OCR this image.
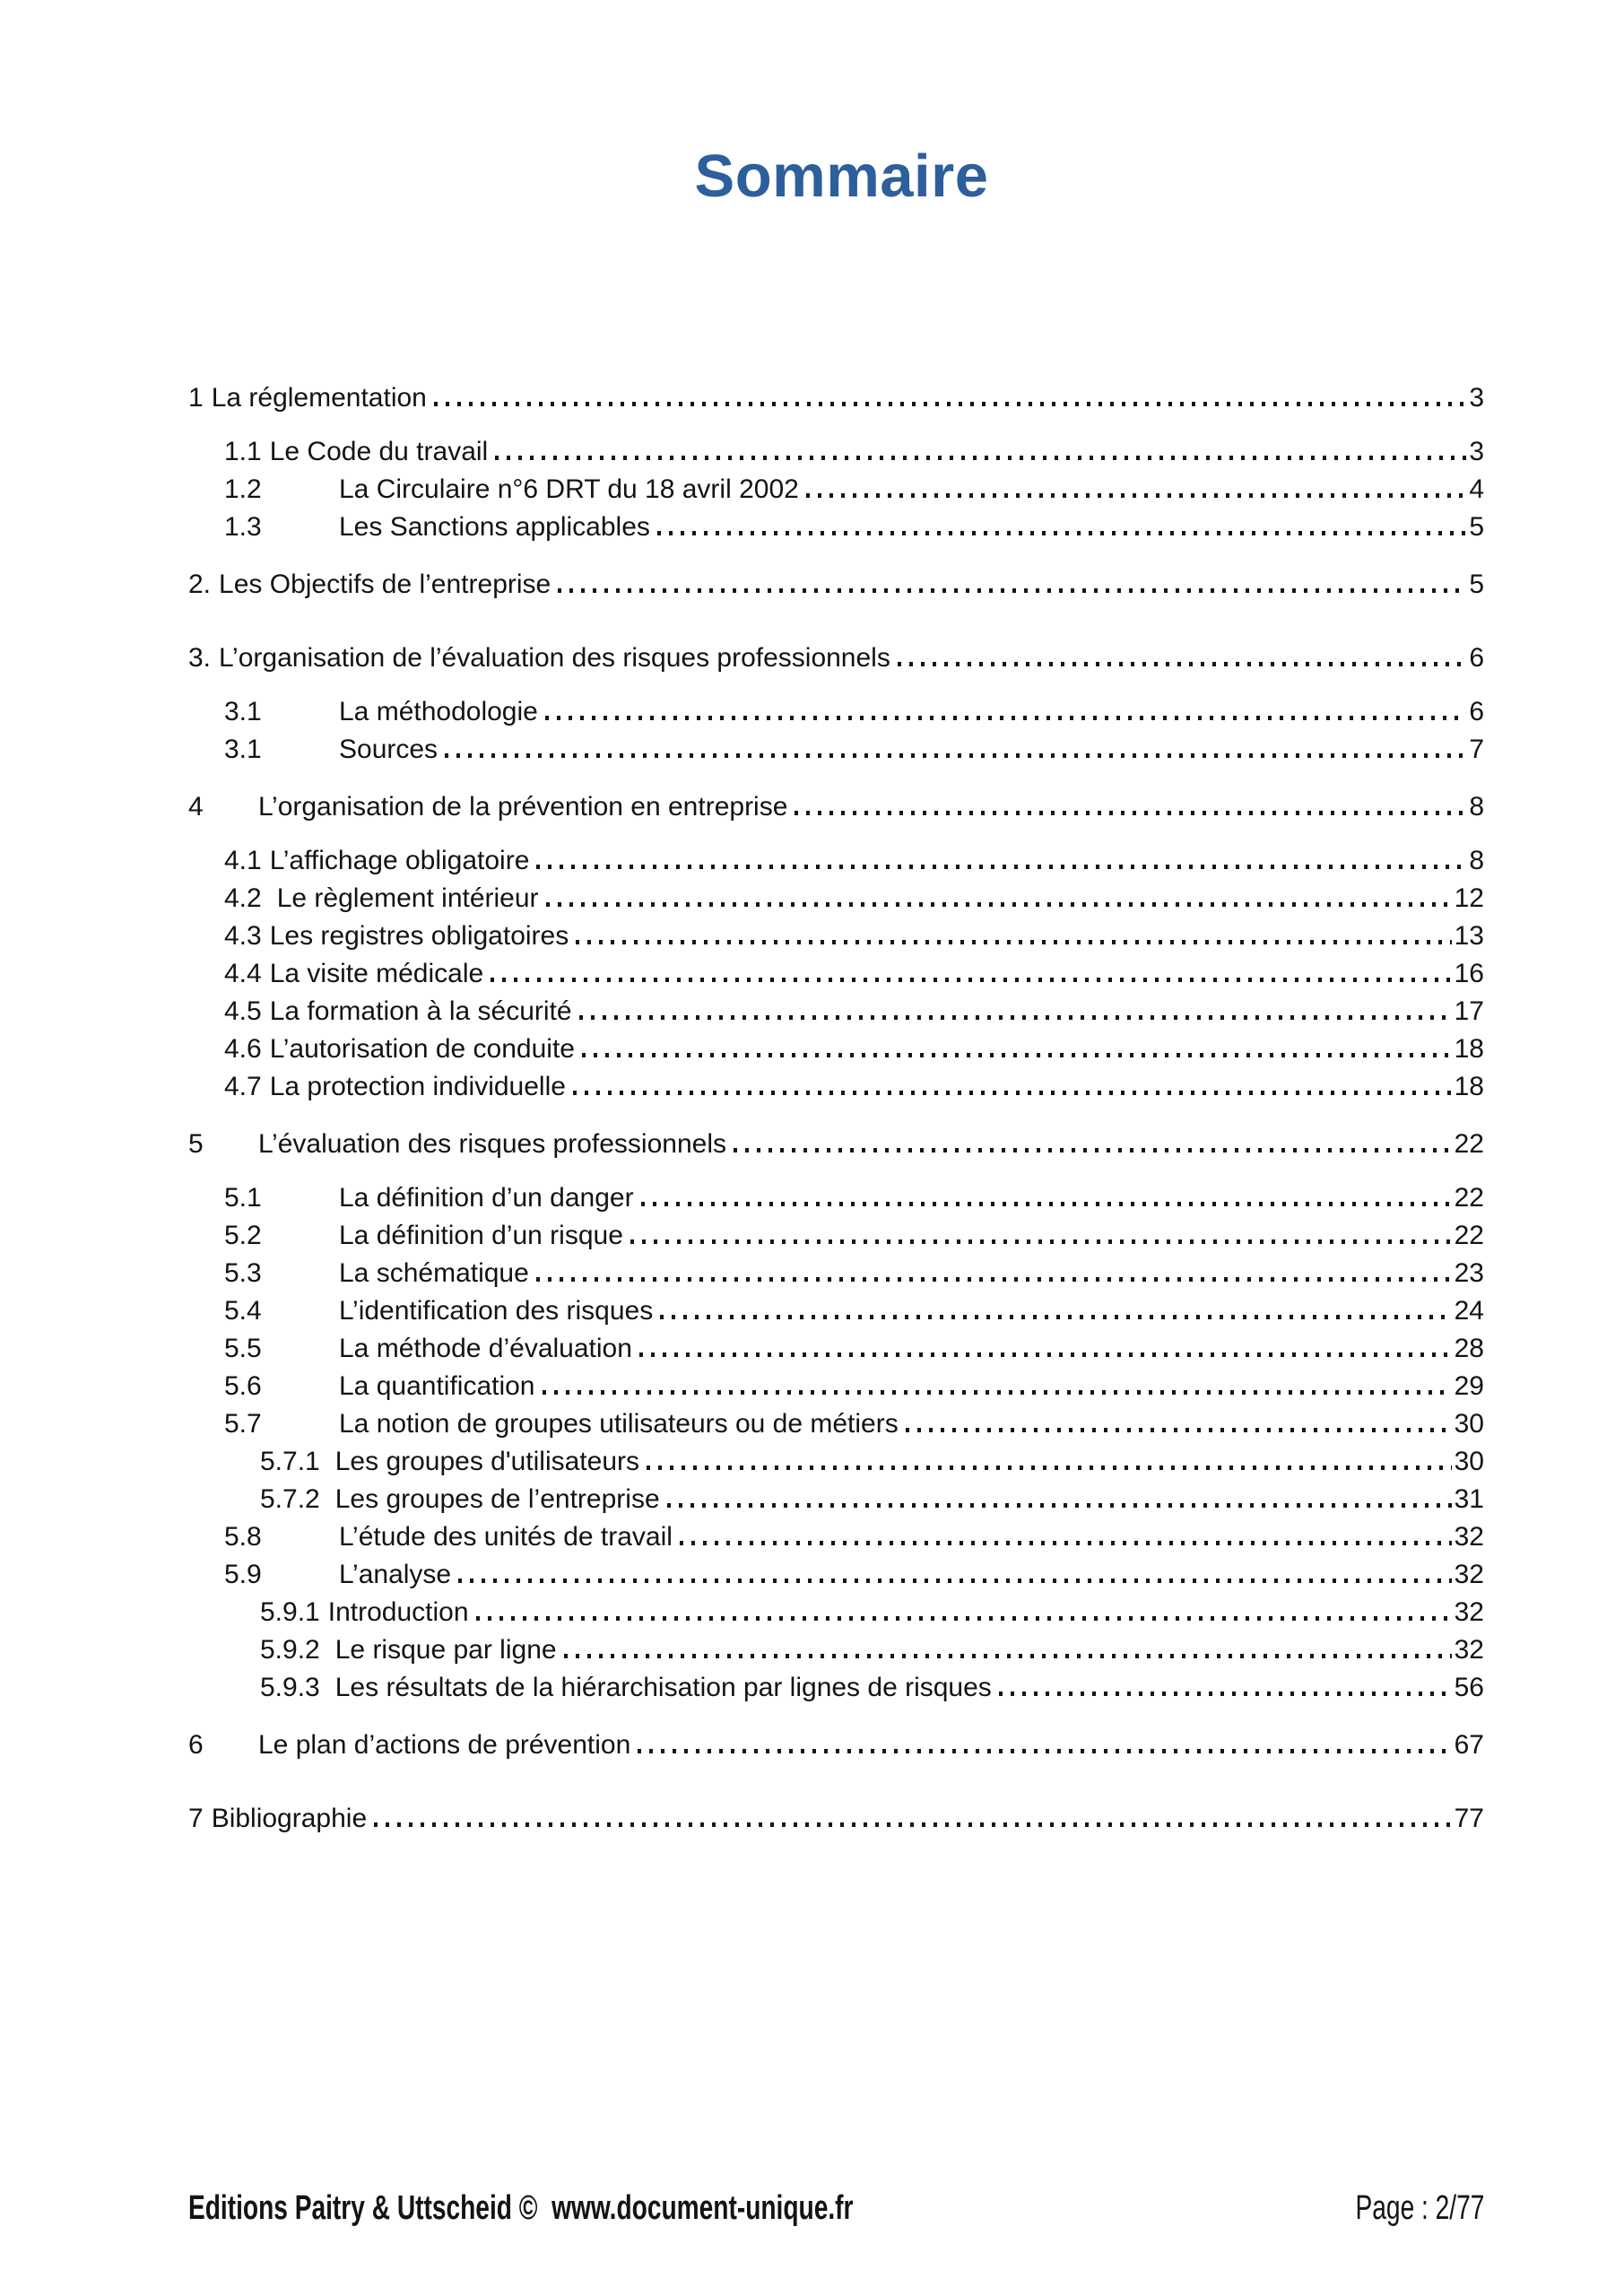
Sommaire
1 La réglementation	3
1.1 Le Code du travail	3
1.2	La Circulaire n°6 DRT du 18 avril 2002	4
1.3	Les Sanctions applicables	5
2. Les Objectifs de l’entreprise	5
3. L’organisation de l’évaluation des risques professionnels	6
3.1	La méthodologie	6
3.1	Sources	7
4	L’organisation de la prévention en entreprise	8
4.1 L’affichage obligatoire	8
4.2 Le règlement intérieur	12
4.3 Les registres obligatoires	13
4.4 La visite médicale	16
4.5 La formation à la sécurité	17
4.6 L’autorisation de conduite	18
4.7 La protection individuelle	18
5	L’évaluation des risques professionnels	22
5.1	La définition d’un danger	22
5.2	La définition d’un risque	22
5.3	La schématique	23
5.4	L’identification des risques	24
5.5	La méthode d’évaluation	28
5.6	La quantification	29
5.7	La notion de groupes utilisateurs ou de métiers	30
5.7.1 Les groupes d'utilisateurs	30
5.7.2 Les groupes de l’entreprise	31
5.8	L’étude des unités de travail	32
5.9	L’analyse	32
5.9.1 Introduction	32
5.9.2 Le risque par ligne	32
5.9.3 Les résultats de la hiérarchisation par lignes de risques	56
6	Le plan d’actions de prévention	67
7 Bibliographie	77
Editions Paitry & Uttscheid ©  www.document-unique.fr	Page : 2/77
